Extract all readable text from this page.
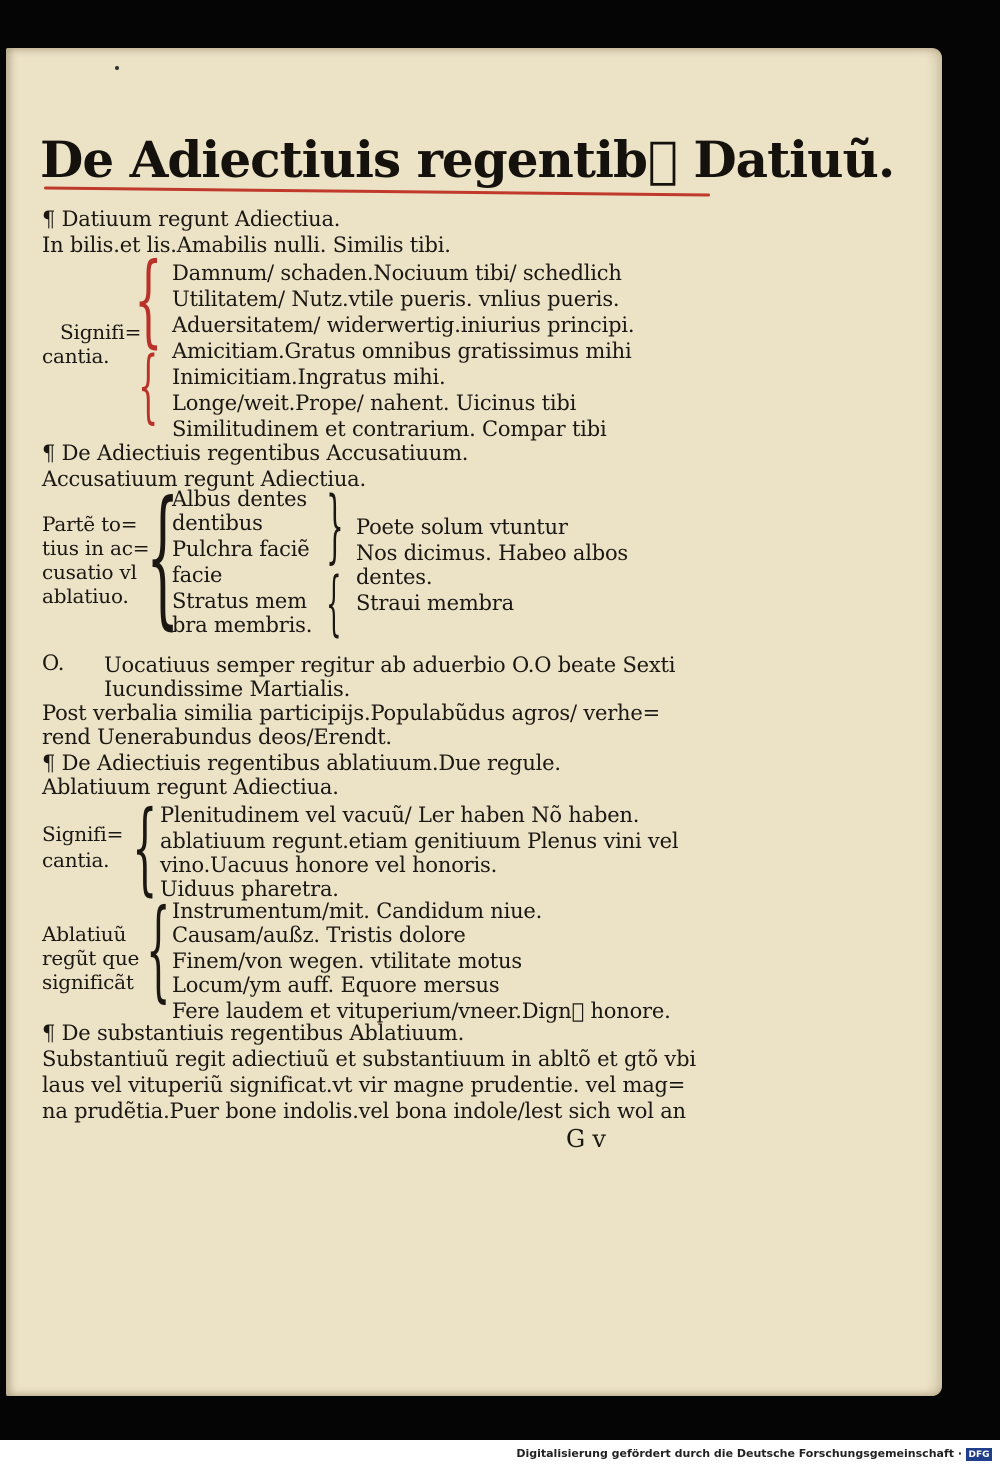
De Adiectiuis regentib᷒ Datiuũ.
¶ Datiuum regunt Adiectiua.
In bilis.et lis.Amabilis nulli. Similis tibi.
Signifi=
cantia. {
{
Damnum/ schaden.Nociuum tibi/ schedlich
Utilitatem/ Nutz.vtile pueris. vnlius pueris.
Aduersitatem/ widerwertig.iniurius principi.
Amicitiam.Gratus omnibus gratissimus mihi
Inimicitiam.Ingratus mihi.
Longe/weit.Prope/ nahent. Uicinus tibi
Similitudinem et contrarium. Compar tibi
¶ De Adiectiuis regentibus Accusatiuum.
Accusatiuum regunt Adiectiua.
Partẽ to=
tius in ac=
cusatio vl
ablatiuo. {
Albus dentes
dentibus
Pulchra faciẽ
facie
Stratus mem
bra membris.
}
{
Poete solum vtuntur
Nos dicimus. Habeo albos
dentes.
Straui membra
O. Uocatiuus semper regitur ab aduerbio O.O beate Sexti
Iucundissime Martialis.
Post verbalia similia participijs.Populabũdus agros/ verhe=
rend Uenerabundus deos/Erendt.
¶ De Adiectiuis regentibus ablatiuum.Due regule.
Ablatiuum regunt Adiectiua.
Signifi=
cantia. { Plenitudinem vel vacuũ/ Ler haben Nõ haben.
ablatiuum regunt.etiam genitiuum Plenus vini vel
vino.Uacuus honore vel honoris.
Uiduus pharetra.
Ablatiuũ
regũt que
significãt { Instrumentum/mit. Candidum niue.
Causam/außz. Tristis dolore
Finem/von wegen. vtilitate motus
Locum/ym auff. Equore mersus
Fere laudem et vituperium/vneer.Dign᷒ honore.
¶ De substantiuis regentibus Ablatiuum.
Substantiuũ regit adiectiuũ et substantiuum in abltõ et gtõ vbi
laus vel vituperiũ significat.vt vir magne prudentie. vel mag=
na prudẽtia.Puer bone indolis.vel bona indole/lest sich wol an
G v
Digitalisierung gefördert durch die Deutsche Forschungsgemeinschaft · DFG
